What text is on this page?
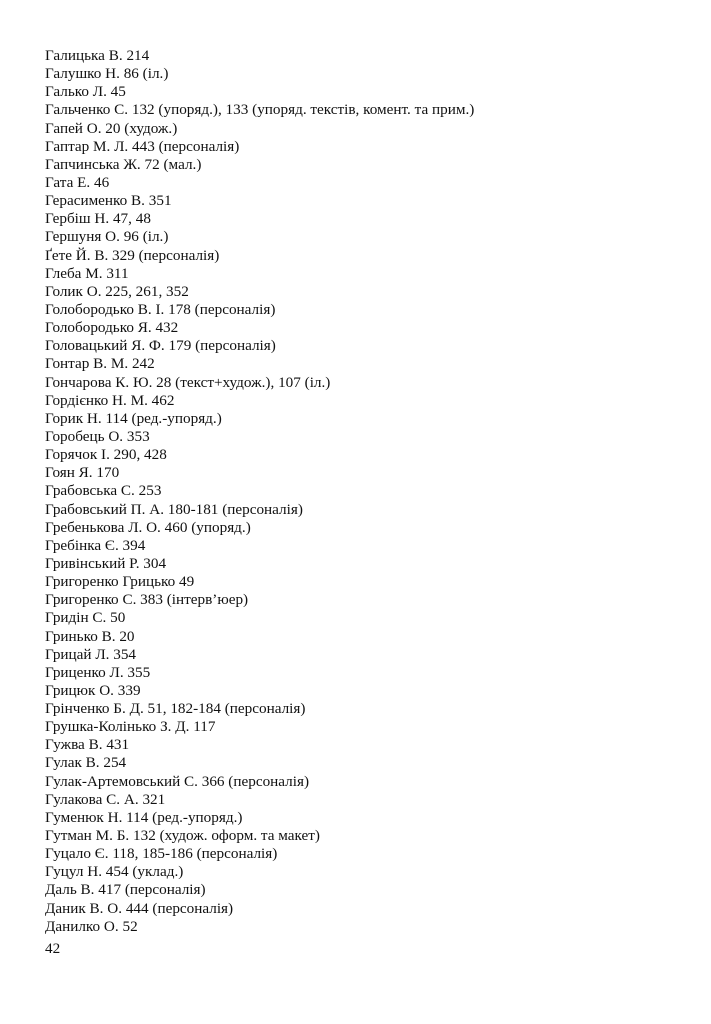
Галицька В. 214
Галушко Н. 86 (іл.)
Галько Л. 45
Гальченко С. 132 (упоряд.), 133 (упоряд. текстів, комент. та прим.)
Гапей О. 20 (худож.)
Гаптар М. Л. 443 (персоналія)
Гапчинська Ж. 72 (мал.)
Гата Е. 46
Герасименко В. 351
Гербіш Н. 47, 48
Гершуня О. 96 (іл.)
Ґете Й. В. 329 (персоналія)
Глеба М. 311
Голик О. 225, 261, 352
Голобородько В. І. 178 (персоналія)
Голобородько Я. 432
Головацький Я. Ф. 179 (персоналія)
Гонтар В. М. 242
Гончарова К. Ю. 28 (текст+худож.), 107 (іл.)
Гордієнко Н. М. 462
Горик Н. 114 (ред.-упоряд.)
Горобець О. 353
Горячок І. 290, 428
Гоян Я. 170
Грабовська С. 253
Грабовський П. А. 180-181 (персоналія)
Гребенькова Л. О. 460 (упоряд.)
Гребінка Є. 394
Гривінський Р. 304
Григоренко Грицько 49
Григоренко С. 383 (інтерв’юер)
Гридін С. 50
Гринько В. 20
Грицай Л. 354
Гриценко Л. 355
Грицюк О. 339
Грінченко Б. Д. 51, 182-184 (персоналія)
Грушка-Колінько З. Д. 117
Гужва В. 431
Гулак В. 254
Гулак-Артемовський С. 366 (персоналія)
Гулакова С. А. 321
Гуменюк Н. 114 (ред.-упоряд.)
Гутман М. Б. 132 (худож. оформ. та макет)
Гуцало Є. 118, 185-186 (персоналія)
Гуцул Н. 454 (уклад.)
Даль В. 417 (персоналія)
Даник В. О. 444 (персоналія)
Данилко О. 52
42
